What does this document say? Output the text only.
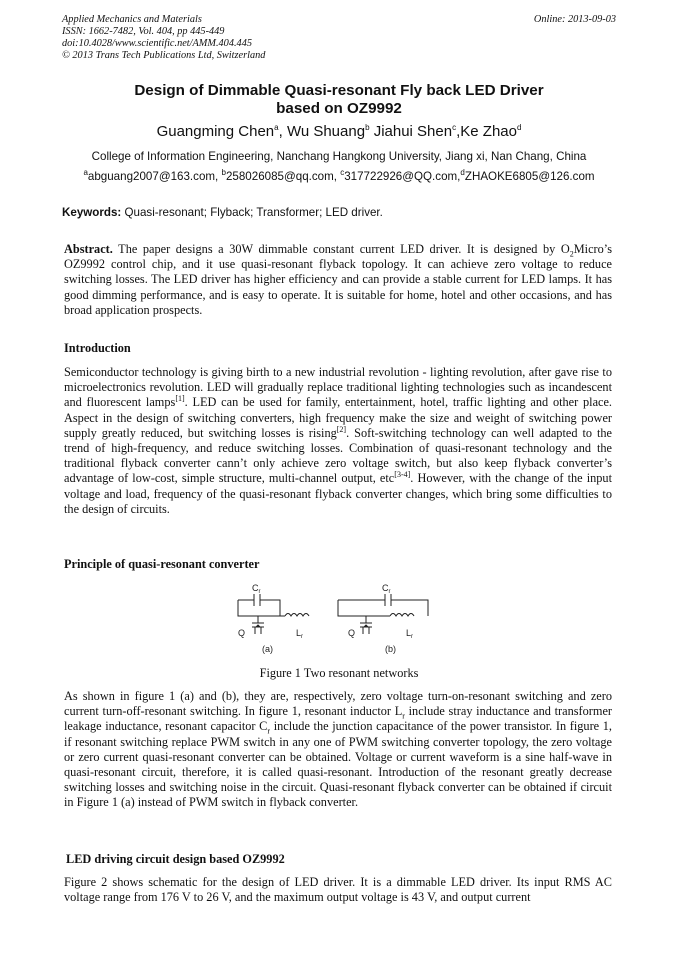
Applied Mechanics and Materials
ISSN: 1662-7482, Vol. 404, pp 445-449
doi:10.4028/www.scientific.net/AMM.404.445
© 2013 Trans Tech Publications Ltd, Switzerland
Online: 2013-09-03
Design of Dimmable Quasi-resonant Fly back LED Driver
based on OZ9992
Guangming Chen$^a$, Wu Shuang$^b$ Jiahui Shen$^c$,Ke Zhao$^d$
College of Information Engineering, Nanchang Hangkong University, Jiang xi, Nan Chang, China
$^a$abguang2007@163.com, $^b$258026085@qq.com, $^c$317722926@QQ.com,$^d$ZHAOKE6805@126.com
Keywords: Quasi-resonant; Flyback; Transformer; LED driver.

Abstract. The paper designs a 30W dimmable constant current LED driver. It is designed by $O_2Micro’s$ OZ9992 control chip, and it use quasi-resonant flyback topology. It can achieve zero voltage to reduce switching losses. The LED driver has higher efficiency and can provide a stable current for LED lamps. It has good dimming performance, and is easy to operate. It is suitable for home, hotel and other occasions, and has broad application prospects.

Introduction

Semiconductor technology is giving birth to a new industrial revolution - lighting revolution, after gave rise to microelectronics revolution. LED will gradually replace traditional lighting technologies such as incandescent and fluorescent lamps[1]. LED can be used for family, entertainment, hotel, traffic lighting and other place. Aspect in the design of switching converters, high frequency make the size and weight of switching power supply greatly reduced, but switching losses is rising[2]. Soft-switching technology can well adapted to the trend of high-frequency, and reduce switching losses. Combination of quasi-resonant technology and the traditional flyback converter cann’t only achieve zero voltage switch, but also keep flyback converter’s advantage of low-cost, simple structure, multi-channel output, etc[3-4]. However, with the change of the input voltage and load, frequency of the quasi-resonant flyback converter changes, which bring some difficulties to the design of circuits.

Principle of quasi-resonant converter
$C_r$
Q	$L_r$
(a)
$C_r$
Q	$L_r$
(b)
Figure 1 Two resonant networks

As shown in figure 1 (a) and (b), they are, respectively, zero voltage turn-on-resonant switching and zero current turn-off-resonant switching. In figure 1, resonant inductor $L_r$ include stray inductance and transformer leakage inductance, resonant capacitor $C_r$ include the junction capacitance of the power transistor. In figure 1, if resonant switching replace PWM switch in any one of PWM switching converter topology, the zero voltage or zero current quasi-resonant converter can be obtained. Voltage or current waveform is a sine half-wave in quasi-resonant circuit, therefore, it is called quasi-resonant. Introduction of the resonant greatly decrease switching losses and switching noise in the circuit. Quasi-resonant flyback converter can be obtained if circuit in Figure 1 (a) instead of PWM switch in flyback converter.

LED driving circuit design based OZ9992

Figure 2 shows schematic for the design of LED driver. It is a dimmable LED driver. Its input RMS AC voltage range from 176 V to 26 V, and the maximum output voltage is 43 V, and output current
